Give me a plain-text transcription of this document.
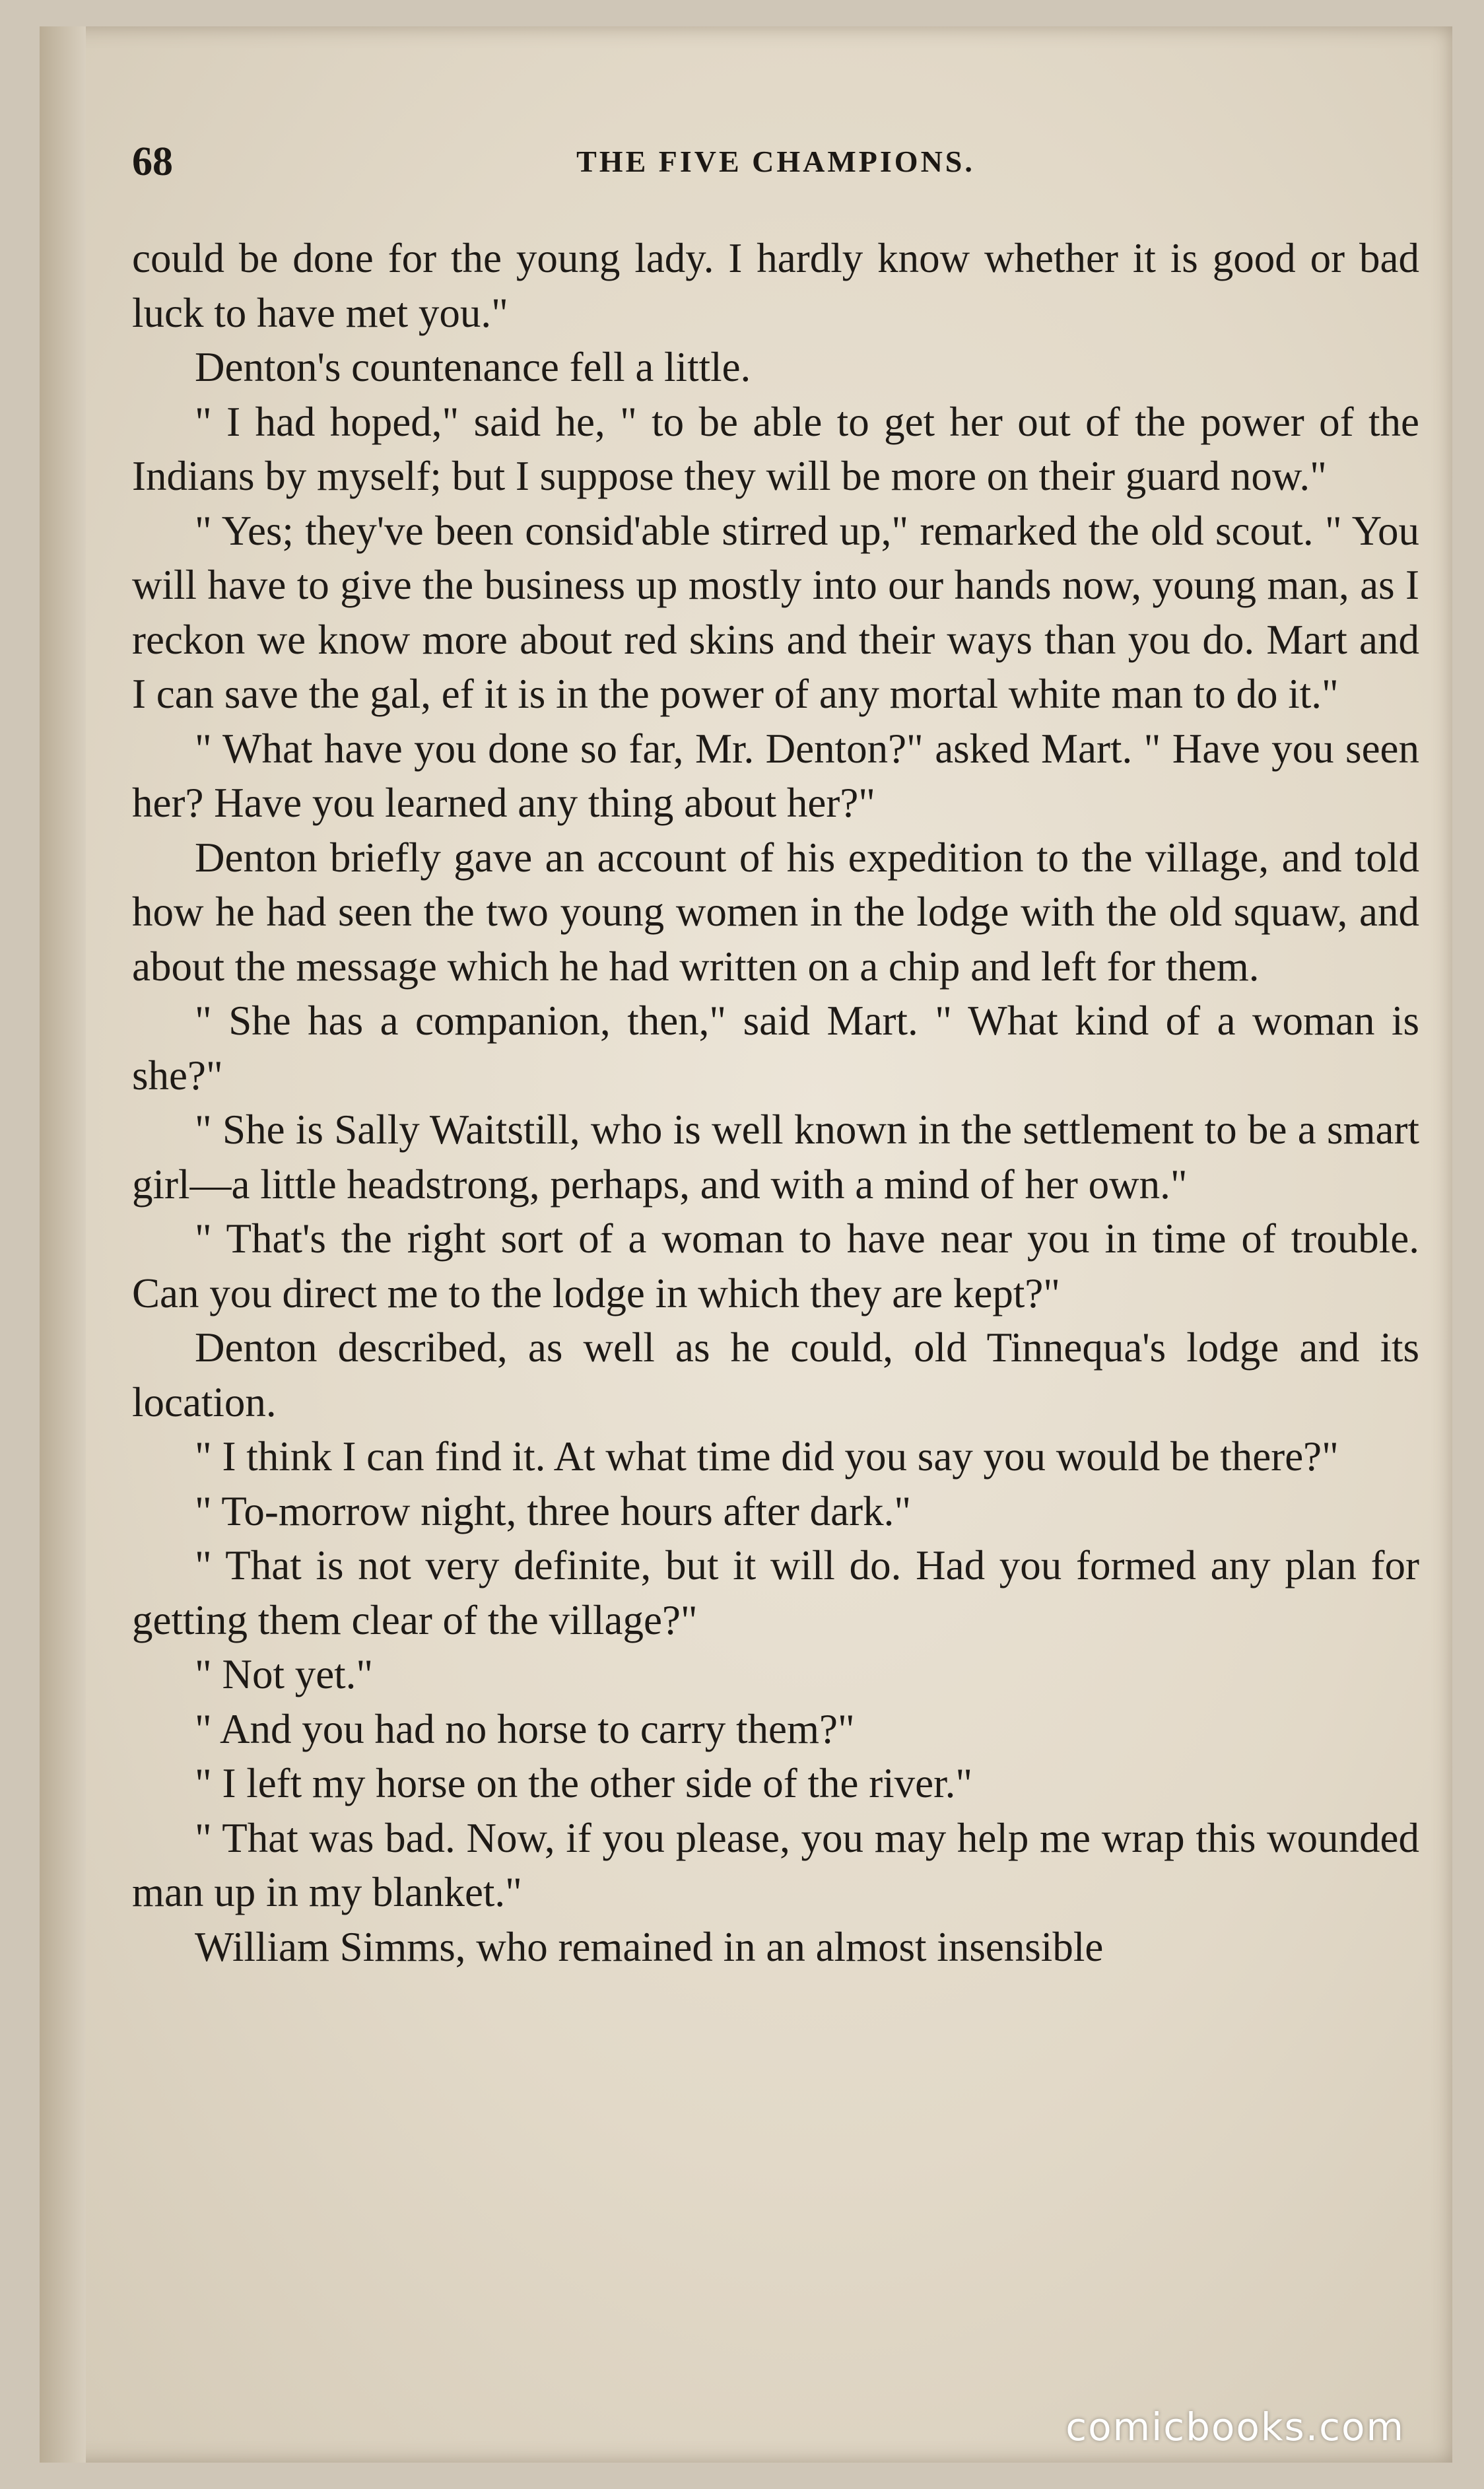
68	THE FIVE CHAMPIONS.

could be done for the young lady. I hardly know whether it is good or bad luck to have met you."

Denton's countenance fell a little.

" I had hoped," said he, " to be able to get her out of the power of the Indians by myself; but I suppose they will be more on their guard now."

" Yes; they've been consid'able stirred up," remarked the old scout. " You will have to give the business up mostly into our hands now, young man, as I reckon we know more about red skins and their ways than you do. Mart and I can save the gal, ef it is in the power of any mortal white man to do it."

" What have you done so far, Mr. Denton?" asked Mart. " Have you seen her? Have you learned any thing about her?"

Denton briefly gave an account of his expedition to the village, and told how he had seen the two young women in the lodge with the old squaw, and about the message which he had written on a chip and left for them.

" She has a companion, then," said Mart. " What kind of a woman is she?"

" She is Sally Waitstill, who is well known in the settlement to be a smart girl—a little headstrong, perhaps, and with a mind of her own."

" That's the right sort of a woman to have near you in time of trouble. Can you direct me to the lodge in which they are kept?"

Denton described, as well as he could, old Tinnequa's lodge and its location.

" I think I can find it. At what time did you say you would be there?"

" To-morrow night, three hours after dark."

" That is not very definite, but it will do. Had you formed any plan for getting them clear of the village?"

" Not yet."

" And you had no horse to carry them?"

" I left my horse on the other side of the river."

" That was bad. Now, if you please, you may help me wrap this wounded man up in my blanket."

William Simms, who remained in an almost insensible

comicbooks.com
